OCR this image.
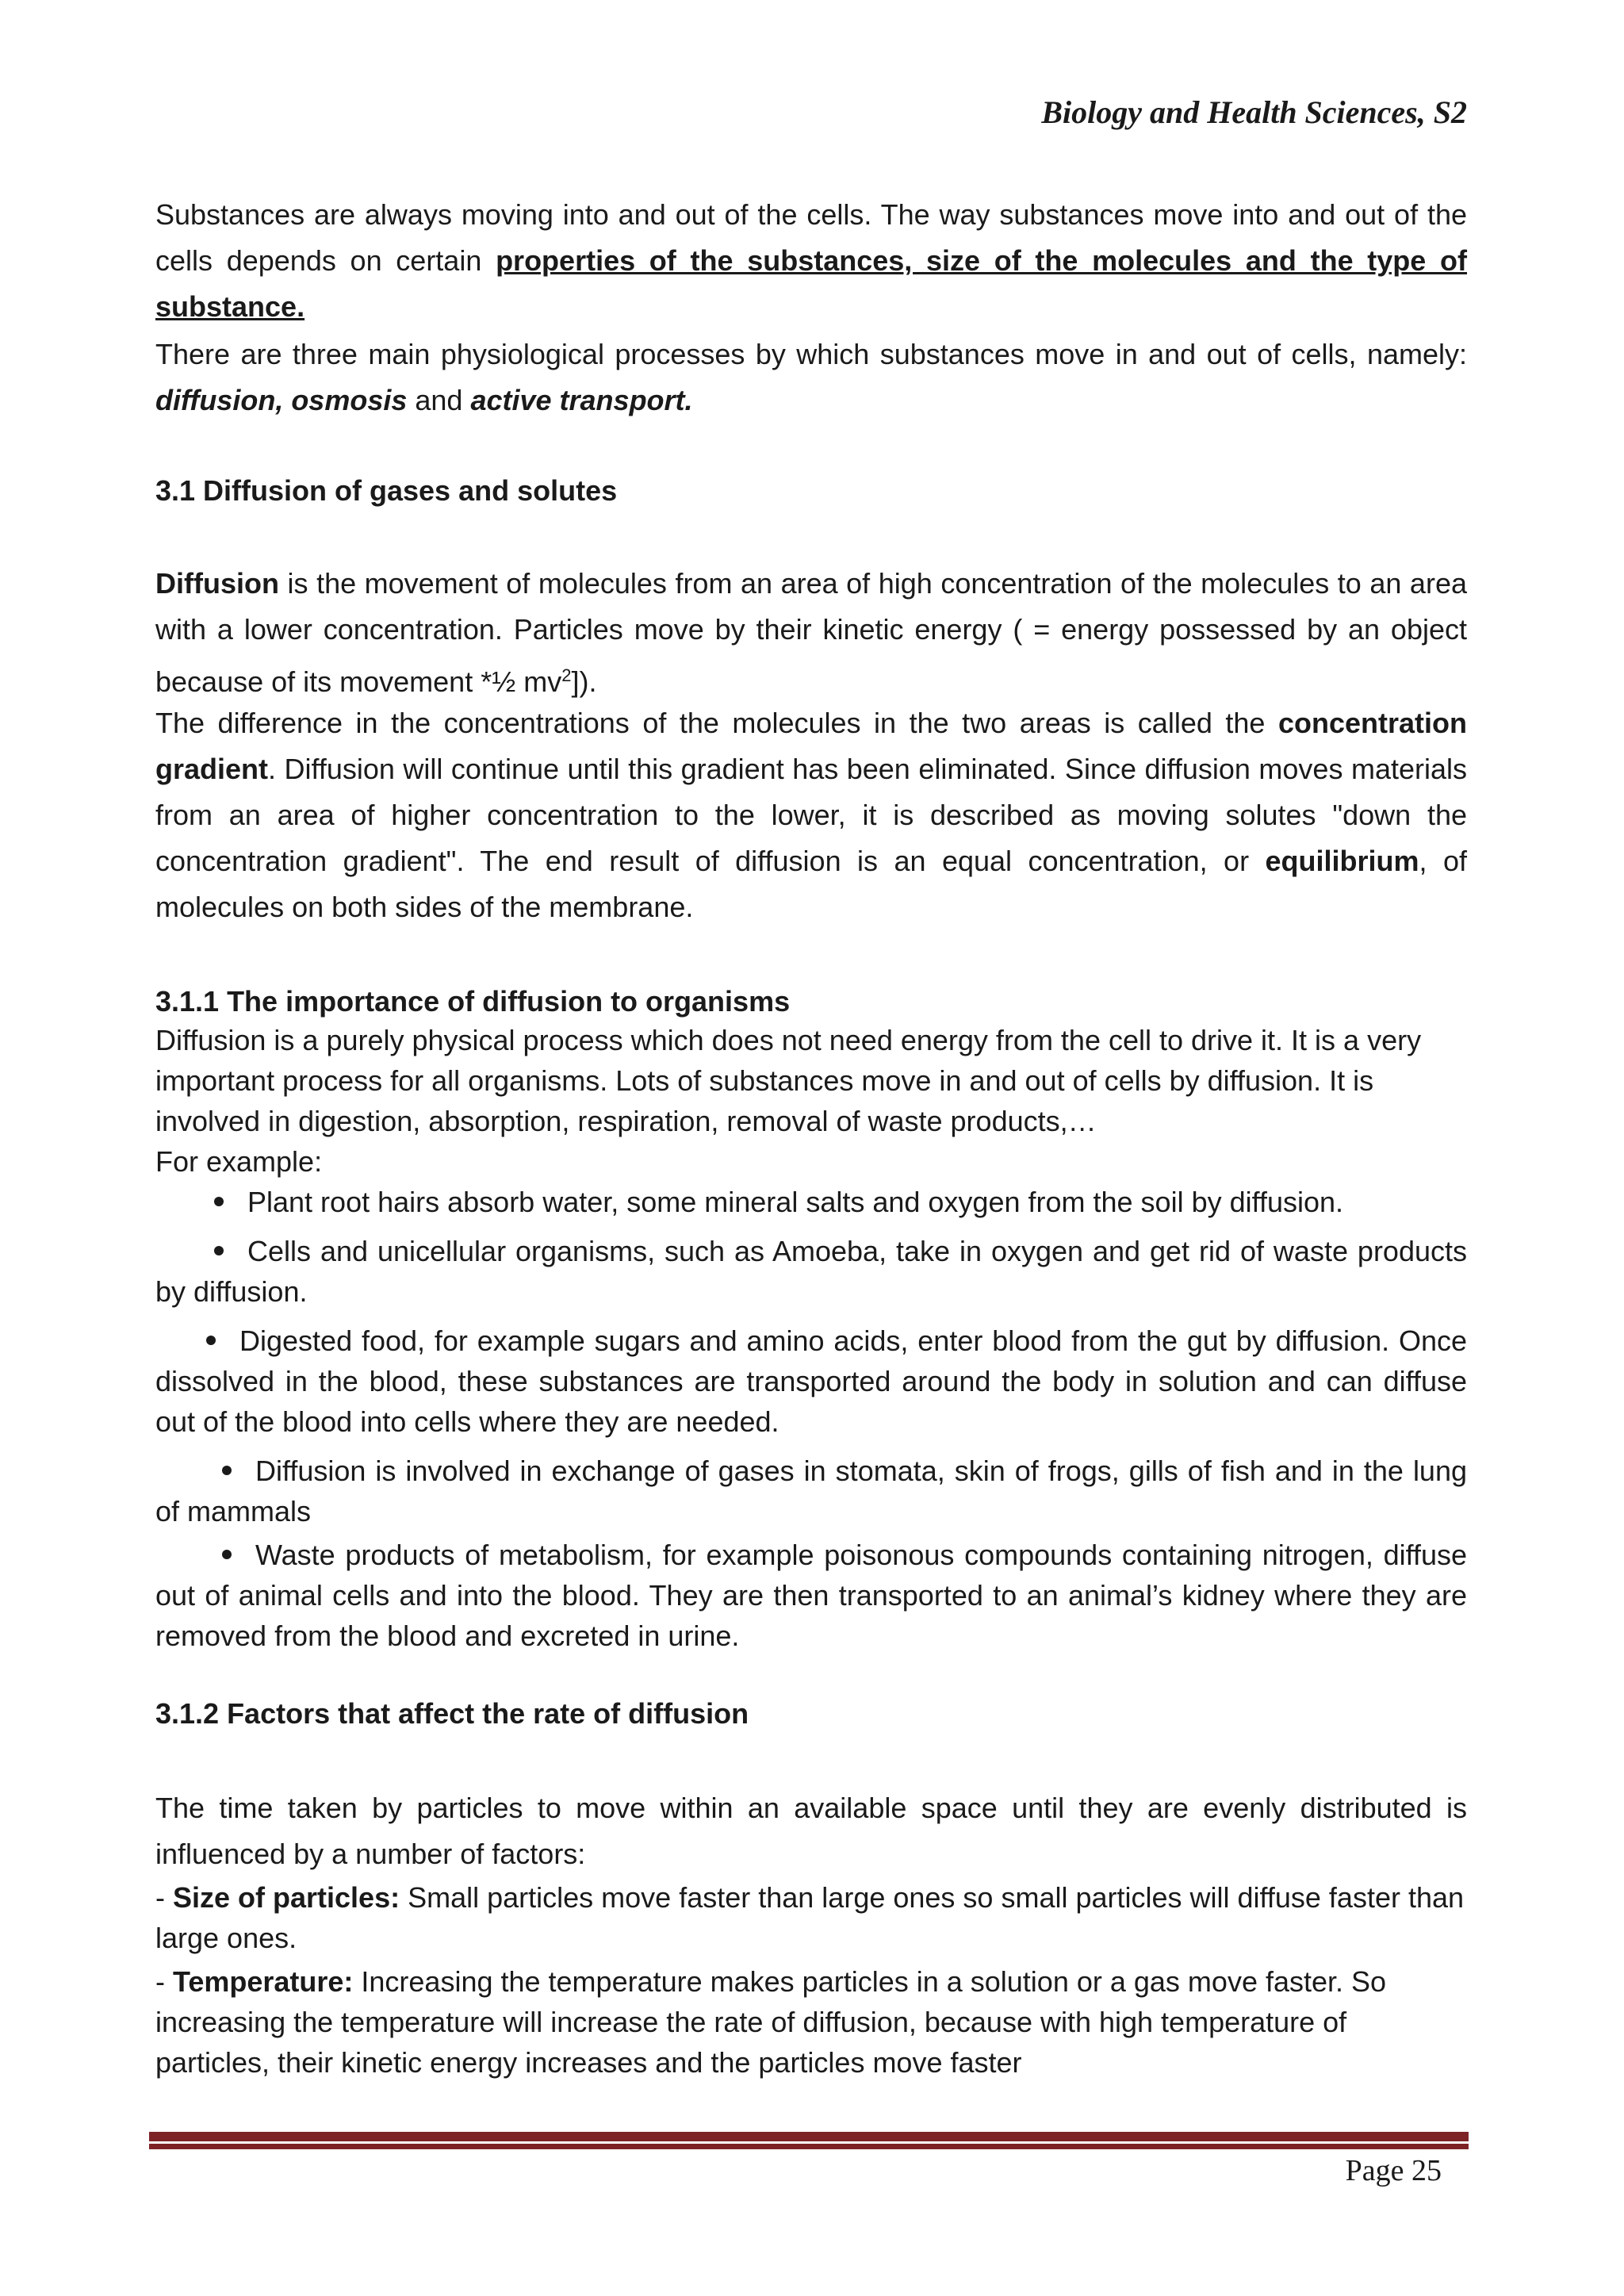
Biology and Health Sciences, S2
Substances are always moving into and out of the cells. The way substances move into and out of the cells depends on certain properties of the substances, size of the molecules and the type of substance.
There are three main physiological processes by which substances move in and out of cells, namely: diffusion, osmosis and active transport.
3.1 Diffusion of gases and solutes
Diffusion is the movement of molecules from an area of high concentration of the molecules to an area with a lower concentration. Particles move by their kinetic energy ( = energy possessed by an object because of its movement *½ $mv^2$]).
The difference in the concentrations of the molecules in the two areas is called the concentration gradient. Diffusion will continue until this gradient has been eliminated. Since diffusion moves materials from an area of higher concentration to the lower, it is described as moving solutes "down the concentration gradient". The end result of diffusion is an equal concentration, or equilibrium, of molecules on both sides of the membrane.
3.1.1 The importance of diffusion to organisms
Diffusion is a purely physical process which does not need energy from the cell to drive it. It is a very important process for all organisms. Lots of substances move in and out of cells by diffusion. It is involved in digestion, absorption, respiration, removal of waste products,…
For example:
Plant root hairs absorb water, some mineral salts and oxygen from the soil by diffusion.
Cells and unicellular organisms, such as Amoeba, take in oxygen and get rid of waste products by diffusion.
Digested food, for example sugars and amino acids, enter blood from the gut by diffusion. Once dissolved in the blood, these substances are transported around the body in solution and can diffuse out of the blood into cells where they are needed.
Diffusion is involved in exchange of gases in stomata, skin of frogs, gills of fish and in the lung of mammals
Waste products of metabolism, for example poisonous compounds containing nitrogen, diffuse out of animal cells and into the blood. They are then transported to an animal’s kidney where they are removed from the blood and excreted in urine.
3.1.2 Factors that affect the rate of diffusion
The time taken by particles to move within an available space until they are evenly distributed is influenced by a number of factors:
- Size of particles: Small particles move faster than large ones so small particles will diffuse faster than large ones.
- Temperature: Increasing the temperature makes particles in a solution or a gas move faster. So increasing the temperature will increase the rate of diffusion, because with high temperature of particles, their kinetic energy increases and the particles move faster
Page 25
